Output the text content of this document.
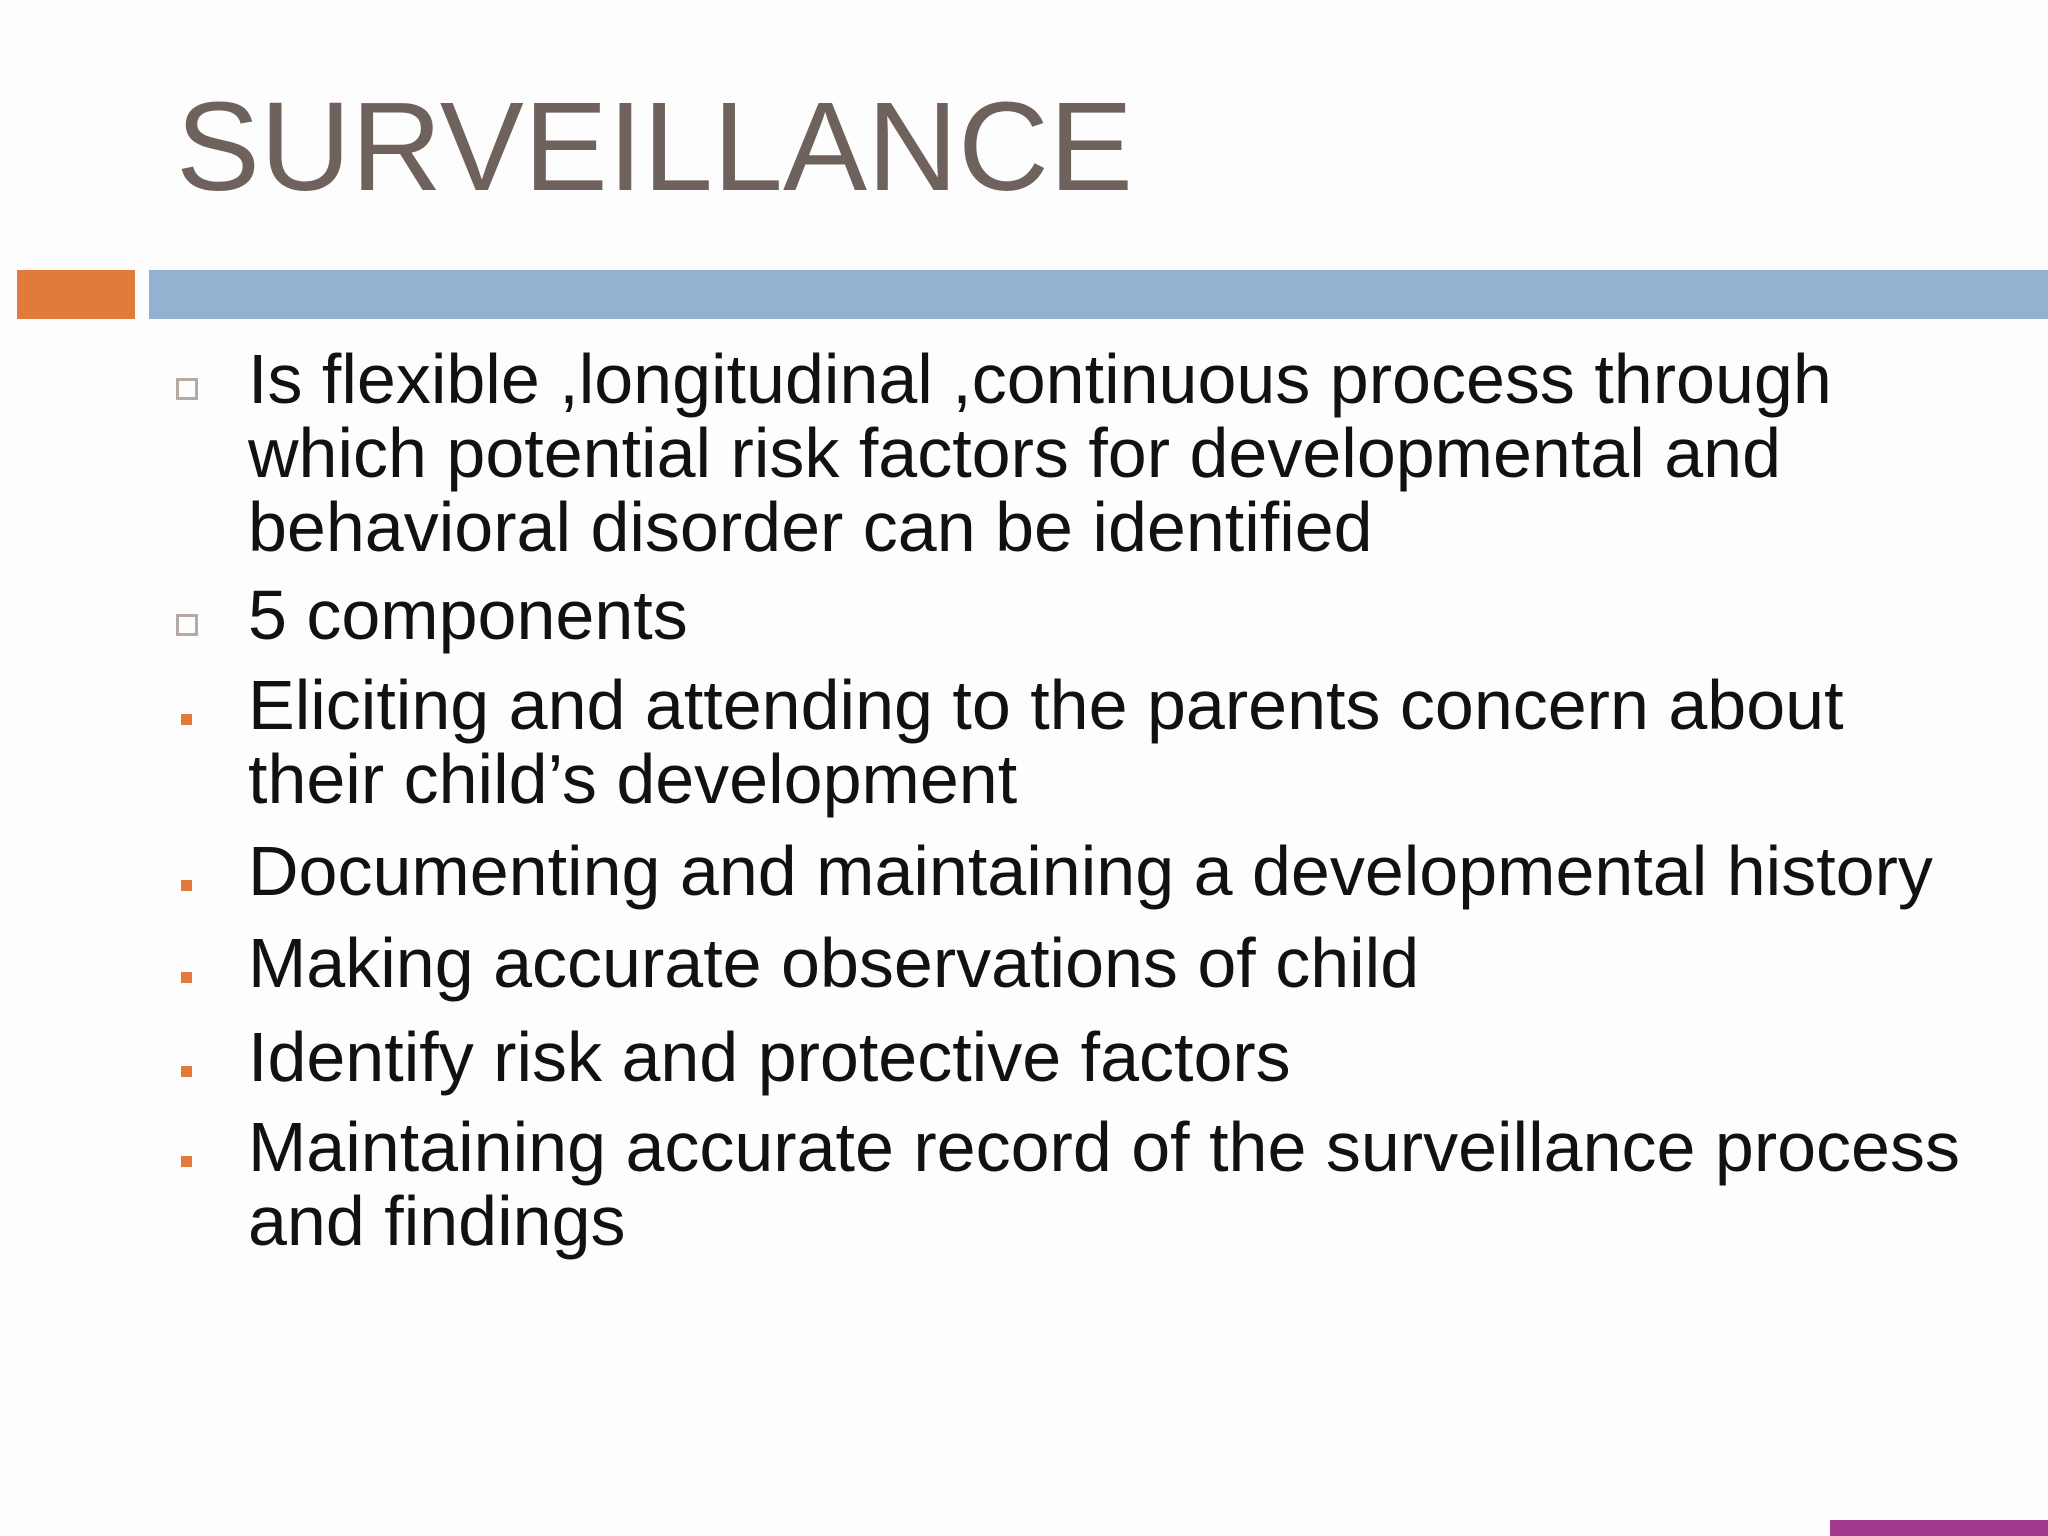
SURVEILLANCE
Is flexible ,longitudinal ,continuous process through which potential risk factors for developmental and behavioral disorder can be identified
5 components
Eliciting and attending to the parents concern about their child’s development
Documenting and maintaining a developmental history
Making accurate observations of child
Identify risk and protective factors
Maintaining accurate record of the surveillance process and findings
